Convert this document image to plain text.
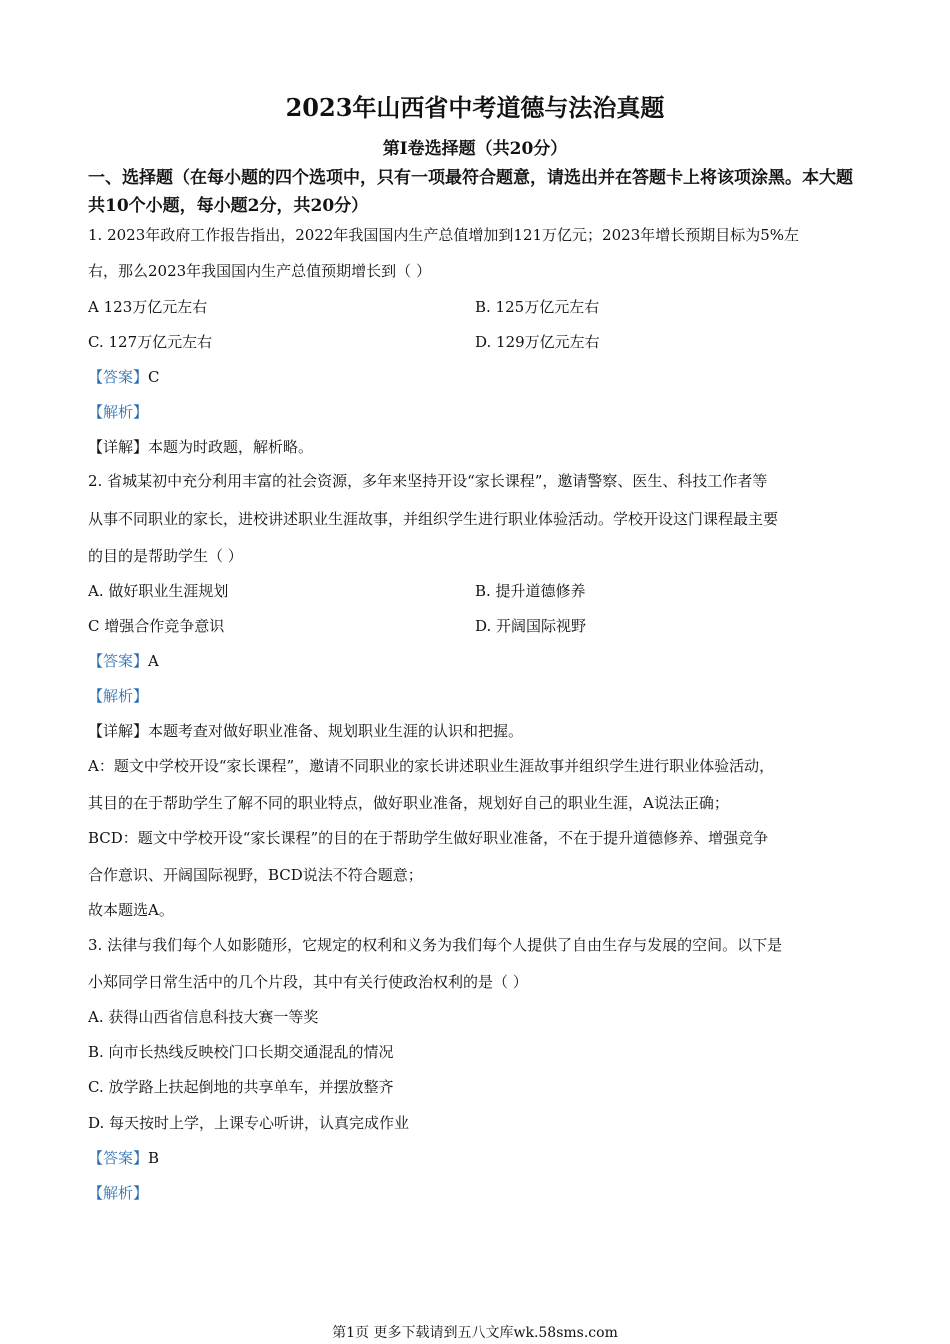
2023年山西省中考道德与法治真题
第Ⅰ卷选择题（共20分）
一、选择题（在每小题的四个选项中，只有一项最符合题意，请选出并在答题卡上将该项涂黑。本大题共10个小题，每小题2分，共20分）
1. 2023年政府工作报告指出，2022年我国国内生产总值增加到121万亿元；2023年增长预期目标为5%左
右，那么2023年我国国内生产总值预期增长到（ ）
A 123万亿元左右	B. 125万亿元左右
C. 127万亿元左右	D. 129万亿元左右
【答案】C
【解析】
【详解】本题为时政题，解析略。
2. 省城某初中充分利用丰富的社会资源，多年来坚持开设“家长课程”，邀请警察、医生、科技工作者等
从事不同职业的家长，进校讲述职业生涯故事，并组织学生进行职业体验活动。学校开设这门课程最主要
的目的是帮助学生（ ）
A. 做好职业生涯规划	B. 提升道德修养
C 增强合作竞争意识	D. 开阔国际视野
【答案】A
【解析】
【详解】本题考查对做好职业准备、规划职业生涯的认识和把握。
A：题文中学校开设“家长课程”，邀请不同职业的家长讲述职业生涯故事并组织学生进行职业体验活动，
其目的在于帮助学生了解不同的职业特点，做好职业准备，规划好自己的职业生涯，A说法正确；
BCD：题文中学校开设“家长课程”的目的在于帮助学生做好职业准备，不在于提升道德修养、增强竞争
合作意识、开阔国际视野，BCD说法不符合题意；
故本题选A。
3. 法律与我们每个人如影随形，它规定的权利和义务为我们每个人提供了自由生存与发展的空间。以下是
小郑同学日常生活中的几个片段，其中有关行使政治权利的是（ ）
A. 获得山西省信息科技大赛一等奖
B. 向市长热线反映校门口长期交通混乱的情况
C. 放学路上扶起倒地的共享单车，并摆放整齐
D. 每天按时上学，上课专心听讲，认真完成作业
【答案】B
【解析】
第1页 更多下载请到五八文库wk.58sms.com
